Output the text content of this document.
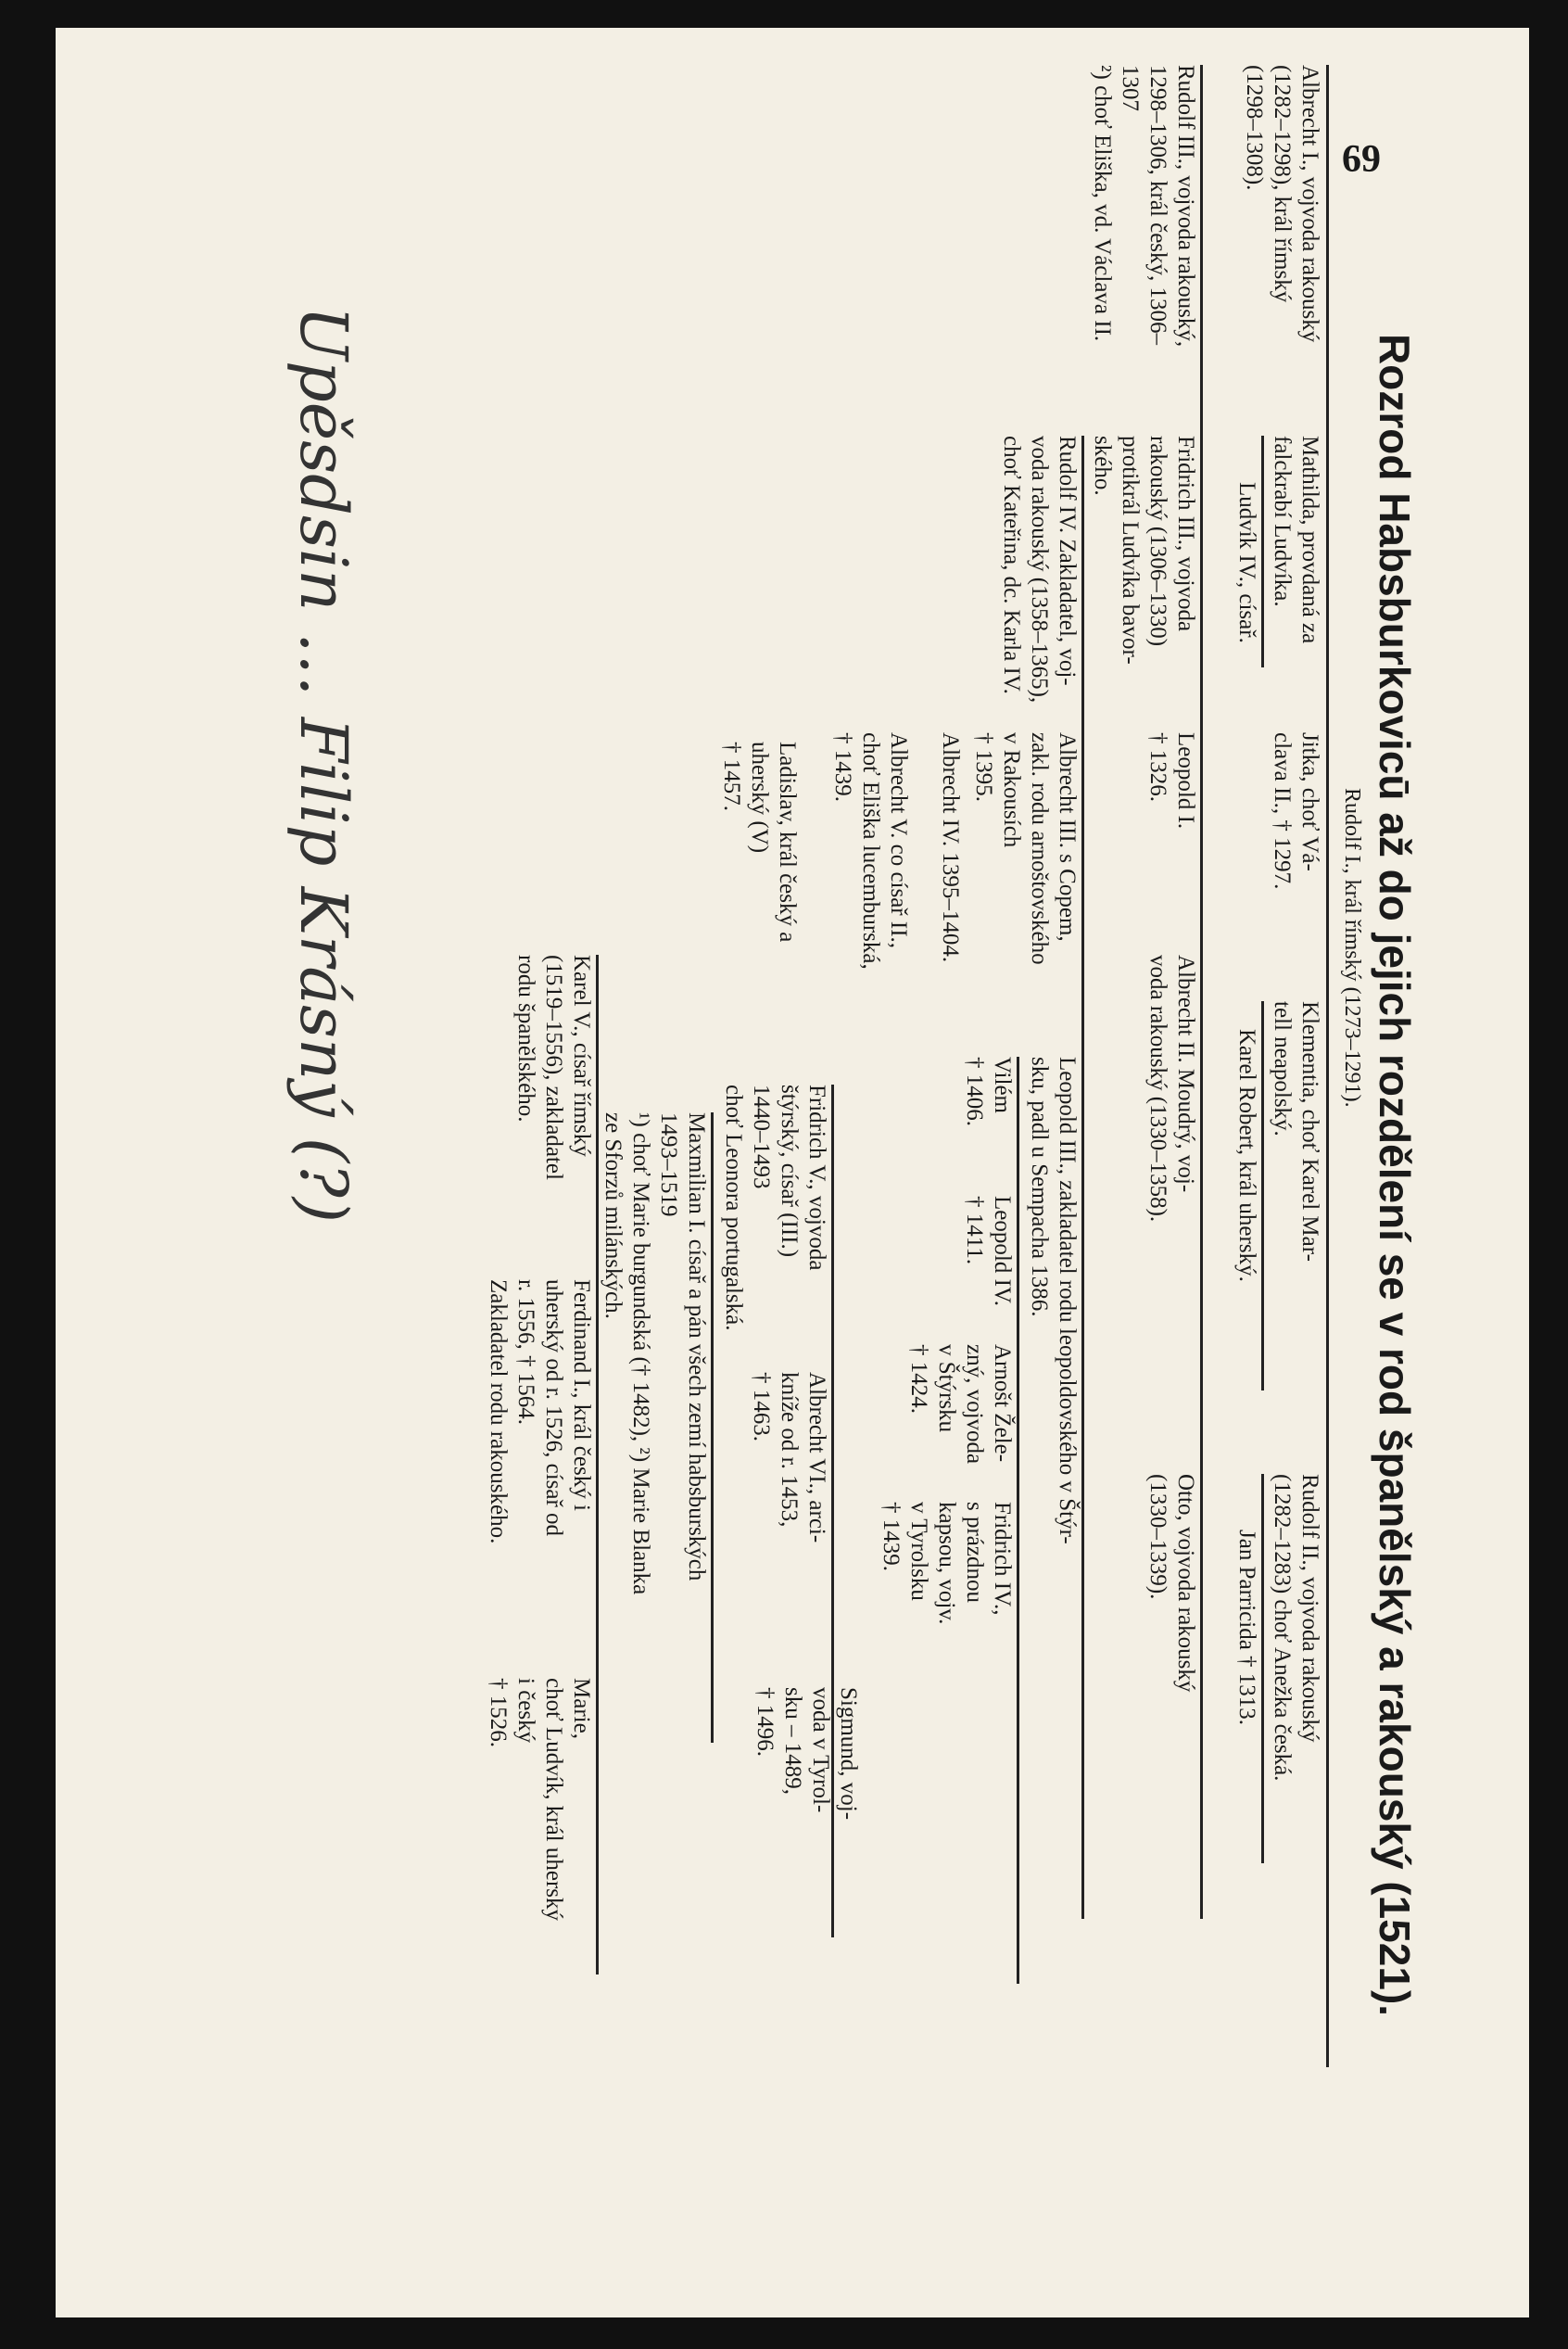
69
Rozrod Habsburkovicū až do jejich rozdělení se v rod španělský a rakouský (1521).
Rudolf I., král římský (1273–1291).
Albrecht I., vojvoda rakouský
(1282–1298), král římský
(1298–1308).
Mathilda, provdaná za
falckrabí Ludvíka.
Jitka, choť Vá-
clava II., † 1297.
Klementia, choť Karel Mar-
tell neapolský.
Rudolf II., vojvoda rakouský
(1282–1283) choť Anežka česká.
Ludvík IV., císař.
Karel Robert, král uherský.
Jan Parricida † 1313.
Rudolf III., vojvoda rakouský,
1298–1306, král český, 1306–
1307
²) choť Eliška, vd. Václava II.
Fridrich III., vojvoda
rakouský (1306–1330)
protikrál Ludvíka bavor-
ského.
Leopold I.
† 1326.
Albrecht II. Moudrý, voj-
voda rakouský (1330–1358).
Otto, vojvoda rakouský
(1330–1339).
Rudolf IV. Zakladatel, voj-
voda rakouský (1358–1365),
choť Kateřina, dc. Karla IV.
Albrecht III. s Copem,
zakl. rodu arnoštovského
v Rakousích
† 1395.
Leopold III., zakladatel rodu leopoldovského v Štýr-
sku, padl u Sempacha 1386.
Albrecht IV. 1395–1404.
Albrecht V. co císař II.,
choť Eliška lucemburská,
† 1439.
Ladislav, král český a
uherský (V)
† 1457.
Vilém
† 1406.
Leopold IV.
† 1411.
Arnošt Žele-
zný, vojvoda
v Štýrsku
† 1424.
Fridrich IV.,
s prázdnou
kapsou, vojv.
v Tyrolsku
† 1439.
Sigmund, voj-
voda v Tyrol-
sku – 1489,
† 1496.
Fridrich V., vojvoda
štýrský, císař (III.)
1440–1493
choť Leonora portugalská.
Albrecht VI., arci-
kníže od r. 1453,
† 1463.
Maxmilian I. císař a pán všech zemí habsburských
1493–1519
¹) choť Marie burgundská († 1482), ²) Marie Blanka
ze Sforzů milánských.
Karel V., císař římský
(1519–1556), zakladatel
rodu španělského.
Ferdinand I., král český i
uherský od r. 1526, císař od
r. 1556, † 1564.
Zakladatel rodu rakouského.
Marie,
choť Ludvík, král uherský
i český
† 1526.
Upěsdsin … Filip Krásný (?)
